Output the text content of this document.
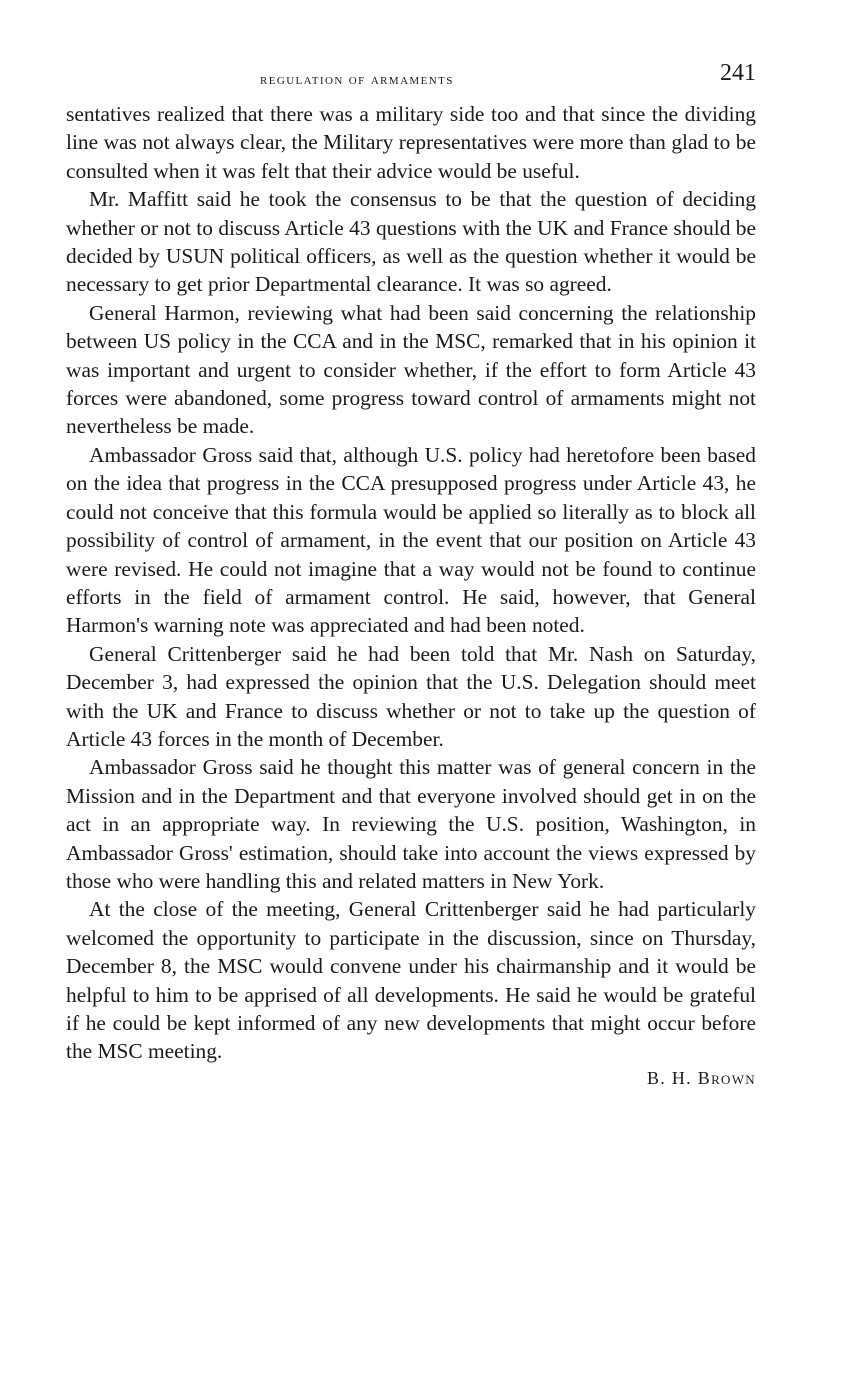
regulation of armaments	241

sentatives realized that there was a military side too and that since the dividing line was not always clear, the Military representatives were more than glad to be consulted when it was felt that their advice would be useful.

Mr. Maffitt said he took the consensus to be that the question of deciding whether or not to discuss Article 43 questions with the UK and France should be decided by USUN political officers, as well as the question whether it would be necessary to get prior Departmental clearance. It was so agreed.

General Harmon, reviewing what had been said concerning the relationship between US policy in the CCA and in the MSC, remarked that in his opinion it was important and urgent to consider whether, if the effort to form Article 43 forces were abandoned, some progress toward control of armaments might not nevertheless be made.

Ambassador Gross said that, although U.S. policy had heretofore been based on the idea that progress in the CCA presupposed progress under Article 43, he could not conceive that this formula would be applied so literally as to block all possibility of control of armament, in the event that our position on Article 43 were revised. He could not imagine that a way would not be found to continue efforts in the field of armament control. He said, however, that General Harmon's warning note was appreciated and had been noted.

General Crittenberger said he had been told that Mr. Nash on Saturday, December 3, had expressed the opinion that the U.S. Delegation should meet with the UK and France to discuss whether or not to take up the question of Article 43 forces in the month of December.

Ambassador Gross said he thought this matter was of general concern in the Mission and in the Department and that everyone involved should get in on the act in an appropriate way. In reviewing the U.S. position, Washington, in Ambassador Gross' estimation, should take into account the views expressed by those who were handling this and related matters in New York.

At the close of the meeting, General Crittenberger said he had particularly welcomed the opportunity to participate in the discussion, since on Thursday, December 8, the MSC would convene under his chairmanship and it would be helpful to him to be apprised of all developments. He said he would be grateful if he could be kept informed of any new developments that might occur before the MSC meeting.

B. H. Brown
